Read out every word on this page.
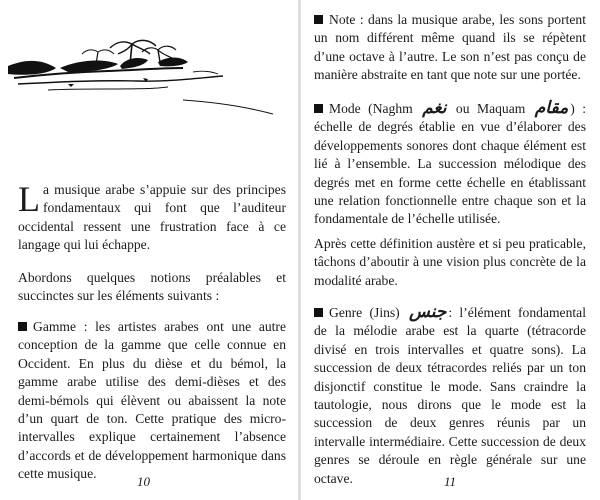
La musique arabe s’appuie sur des principes fondamentaux qui font que l’auditeur occidental ressent une frustration face à ce langage qui lui échappe.

Abordons quelques notions préalables et succinctes sur les éléments suivants :

Gamme : les artistes arabes ont une autre conception de la gamme que celle connue en Occident. En plus du dièse et du bémol, la gamme arabe utilise des demi-dièses et des demi-bémols qui élèvent ou abaissent la note d’un quart de ton. Cette pratique des micro-intervalles explique certainement l’absence d’accords et de développement harmonique dans cette musique.

10

Note : dans la musique arabe, les sons portent un nom différent même quand ils se répètent d’une octave à l’autre. Le son n’est pas conçu de manière abstraite en tant que note sur une portée.

Mode (Naghm نغم ou Maquam مقام ) : échelle de degrés établie en vue d’élaborer des développements sonores dont chaque élément est lié à l’ensemble. La succession mélodique des degrés met en forme cette échelle en établissant une relation fonctionnelle entre chaque son et la fondamentale de l’échelle utilisée.

Après cette définition austère et si peu praticable, tâchons d’aboutir à une vision plus concrète de la modalité arabe.

Genre (Jins) جنس : l’élément fondamental de la mélodie arabe est la quarte (tétracorde divisé en trois intervalles et quatre sons). La succession de deux tétracordes reliés par un ton disjonctif constitue le mode. Sans craindre la tautologie, nous dirons que le mode est la succession de deux genres réunis par un intervalle intermédiaire. Cette succession de deux genres se déroule en règle générale sur une octave.	11
